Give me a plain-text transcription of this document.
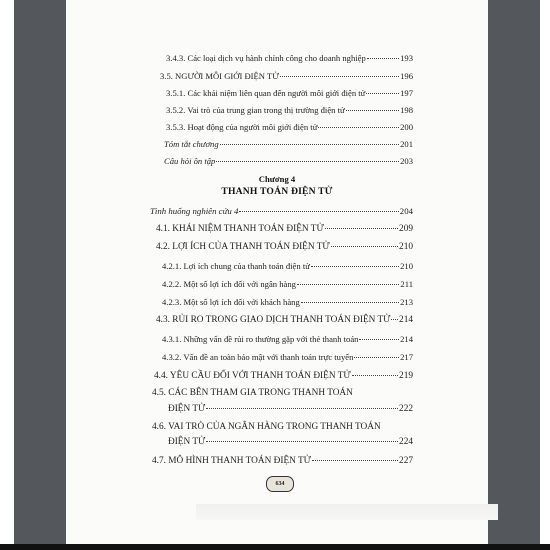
3.4.3. Các loại dịch vụ hành chính công cho doanh nghiệp	193
3.5. NGƯỜI MÔI GIỚI ĐIỆN TỬ	196
3.5.1. Các khái niệm liên quan đến người môi giới điện tử	197
3.5.2. Vai trò của trung gian trong thị trường điện tử	198
3.5.3. Hoạt động của người môi giới điện tử	200
Tóm tắt chương	201
Câu hỏi ôn tập	203
Chương 4
THANH TOÁN ĐIỆN TỬ
Tình huống nghiên cứu 4	204
4.1. KHÁI NIỆM THANH TOÁN ĐIỆN TỬ	209
4.2. LỢI ÍCH CỦA THANH TOÁN ĐIỆN TỬ	210
4.2.1. Lợi ích chung của thanh toán điện tử	210
4.2.2. Một số lợi ích đối với ngân hàng	211
4.2.3. Một số lợi ích đối với khách hàng	213
4.3. RỦI RO TRONG GIAO DỊCH THANH TOÁN ĐIỆN TỬ 214
4.3.1. Những vấn đề rủi ro thường gặp với thẻ thanh toán	214
4.3.2. Vấn đề an toàn bảo mật với thanh toán trực tuyến	217
4.4. YÊU CẦU ĐỐI VỚI THANH TOÁN ĐIỆN TỬ	219
4.5. CÁC BÊN THAM GIA TRONG THANH TOÁN
ĐIỆN TỬ	222
4.6. VAI TRÒ CỦA NGÂN HÀNG TRONG THANH TOÁN
ĐIỆN TỬ	224
4.7. MÔ HÌNH THANH TOÁN ĐIỆN TỬ	227
634
